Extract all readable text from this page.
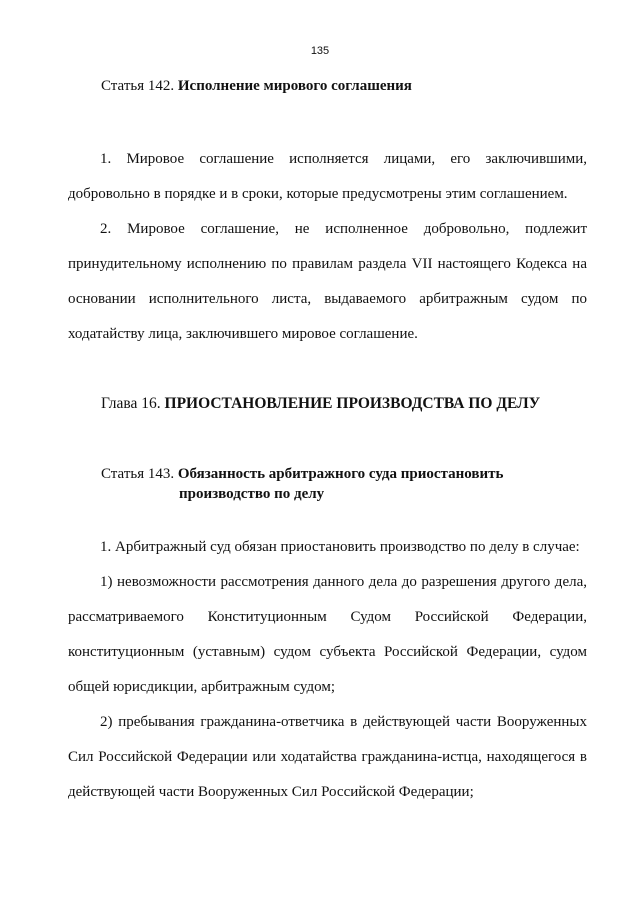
135
Статья 142. Исполнение мирового соглашения
1. Мировое соглашение исполняется лицами, его заключившими, добровольно в порядке и в сроки, которые предусмотрены этим соглашением.
2. Мировое соглашение, не исполненное добровольно, подлежит принудительному исполнению по правилам раздела VII настоящего Кодекса на основании исполнительного листа, выдаваемого арбитражным судом по ходатайству лица, заключившего мировое соглашение.
Глава 16. ПРИОСТАНОВЛЕНИЕ ПРОИЗВОДСТВА ПО ДЕЛУ
Статья 143. Обязанность арбитражного суда приостановить
производство по делу
1. Арбитражный суд обязан приостановить производство по делу в случае:
1) невозможности рассмотрения данного дела до разрешения другого дела, рассматриваемого Конституционным Судом Российской Федерации, конституционным (уставным) судом субъекта Российской Федерации, судом общей юрисдикции, арбитражным судом;
2) пребывания гражданина-ответчика в действующей части Вооруженных Сил Российской Федерации или ходатайства гражданина-истца, находящегося в действующей части Вооруженных Сил Российской Федерации;
